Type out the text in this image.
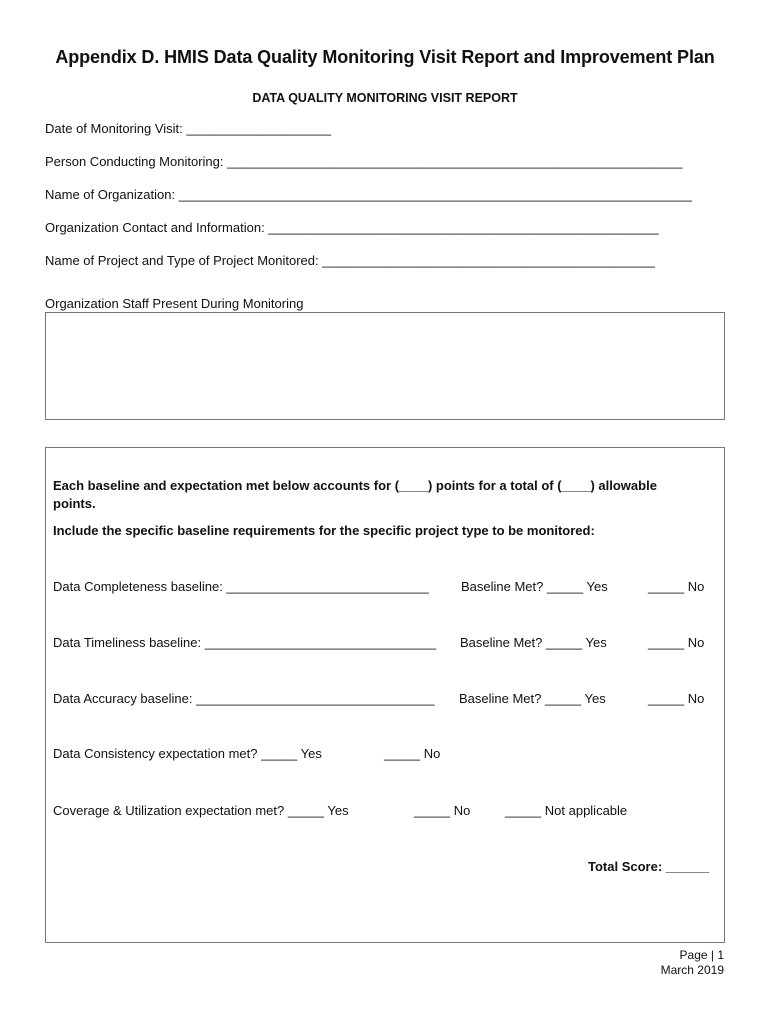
Appendix D. HMIS Data Quality Monitoring Visit Report and Improvement Plan
DATA QUALITY MONITORING VISIT REPORT
Date of Monitoring Visit: ____________________
Person Conducting Monitoring: _______________________________________________________________
Name of Organization: _______________________________________________________________________
Organization Contact and Information: ______________________________________________________
Name of Project and Type of Project Monitored: ______________________________________________
Organization Staff Present During Monitoring
Each baseline and expectation met below accounts for (____) points for a total of (____) allowable
points.
Include the specific baseline requirements for the specific project type to be monitored:
Data Completeness baseline: ____________________________ Baseline Met? _____ Yes	_____ No
Data Timeliness baseline: ________________________________ Baseline Met? _____ Yes	_____ No
Data Accuracy baseline: _________________________________ Baseline Met? _____ Yes	_____ No
Data Consistency expectation met? _____ Yes	_____ No
Coverage & Utilization expectation met? _____ Yes	_____ No	_____ Not applicable
Total Score: ______
Page | 1
March 2019
